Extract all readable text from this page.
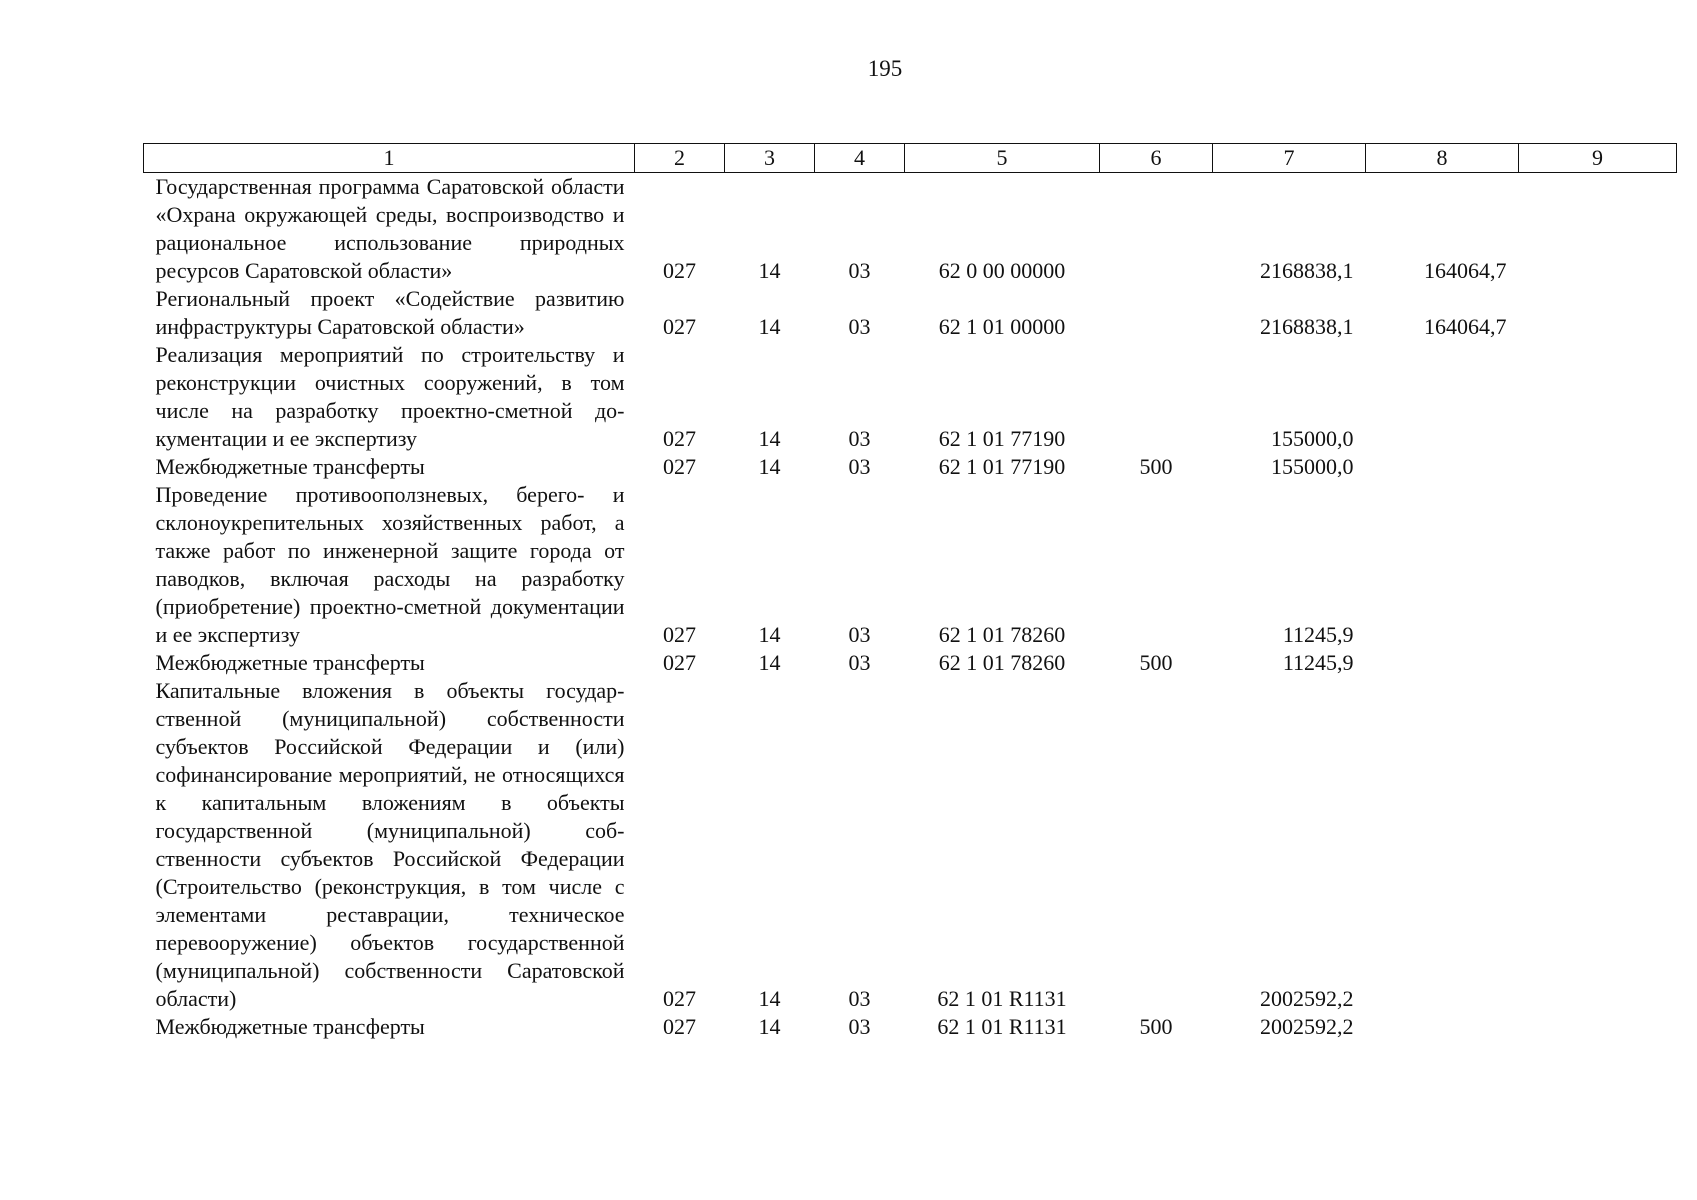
195
1	2	3	4	5	6	7	8	9
Государственная программа Саратовской области «Охрана окружающей среды, воспроизводство и рациональное использование природных ресурсов Саратовской области»	027	14	03	62 0 00 00000		2168838,1	164064,7	
Региональный проект «Содействие развитию инфраструктуры Саратовской области»	027	14	03	62 1 01 00000		2168838,1	164064,7	
Реализация мероприятий по строительству и реконструкции очистных сооружений, в том числе на разработку проектно-сметной документации и ее экспертизу	027	14	03	62 1 01 77190		155000,0		
Межбюджетные трансферты	027	14	03	62 1 01 77190	500	155000,0		
Проведение противооползневых, берего- и склоноукрепительных хозяйственных работ, а также работ по инженерной защите города от паводков, включая расходы на разработку (приобретение) проектно-сметной документации и ее экспертизу	027	14	03	62 1 01 78260		11245,9		
Межбюджетные трансферты	027	14	03	62 1 01 78260	500	11245,9		
Капитальные вложения в объекты государственной (муниципальной) собственности субъектов Российской Федерации и (или) софинансирование мероприятий, не относящихся к капитальным вложениям в объекты государственной (муниципальной) собственности субъектов Российской Федерации (Строительство (реконструкция, в том числе с элементами реставрации, техническое перевооружение) объектов государственной (муниципальной) собственности Саратовской области)	027	14	03	62 1 01 R1131		2002592,2		
Межбюджетные трансферты	027	14	03	62 1 01 R1131	500	2002592,2		
